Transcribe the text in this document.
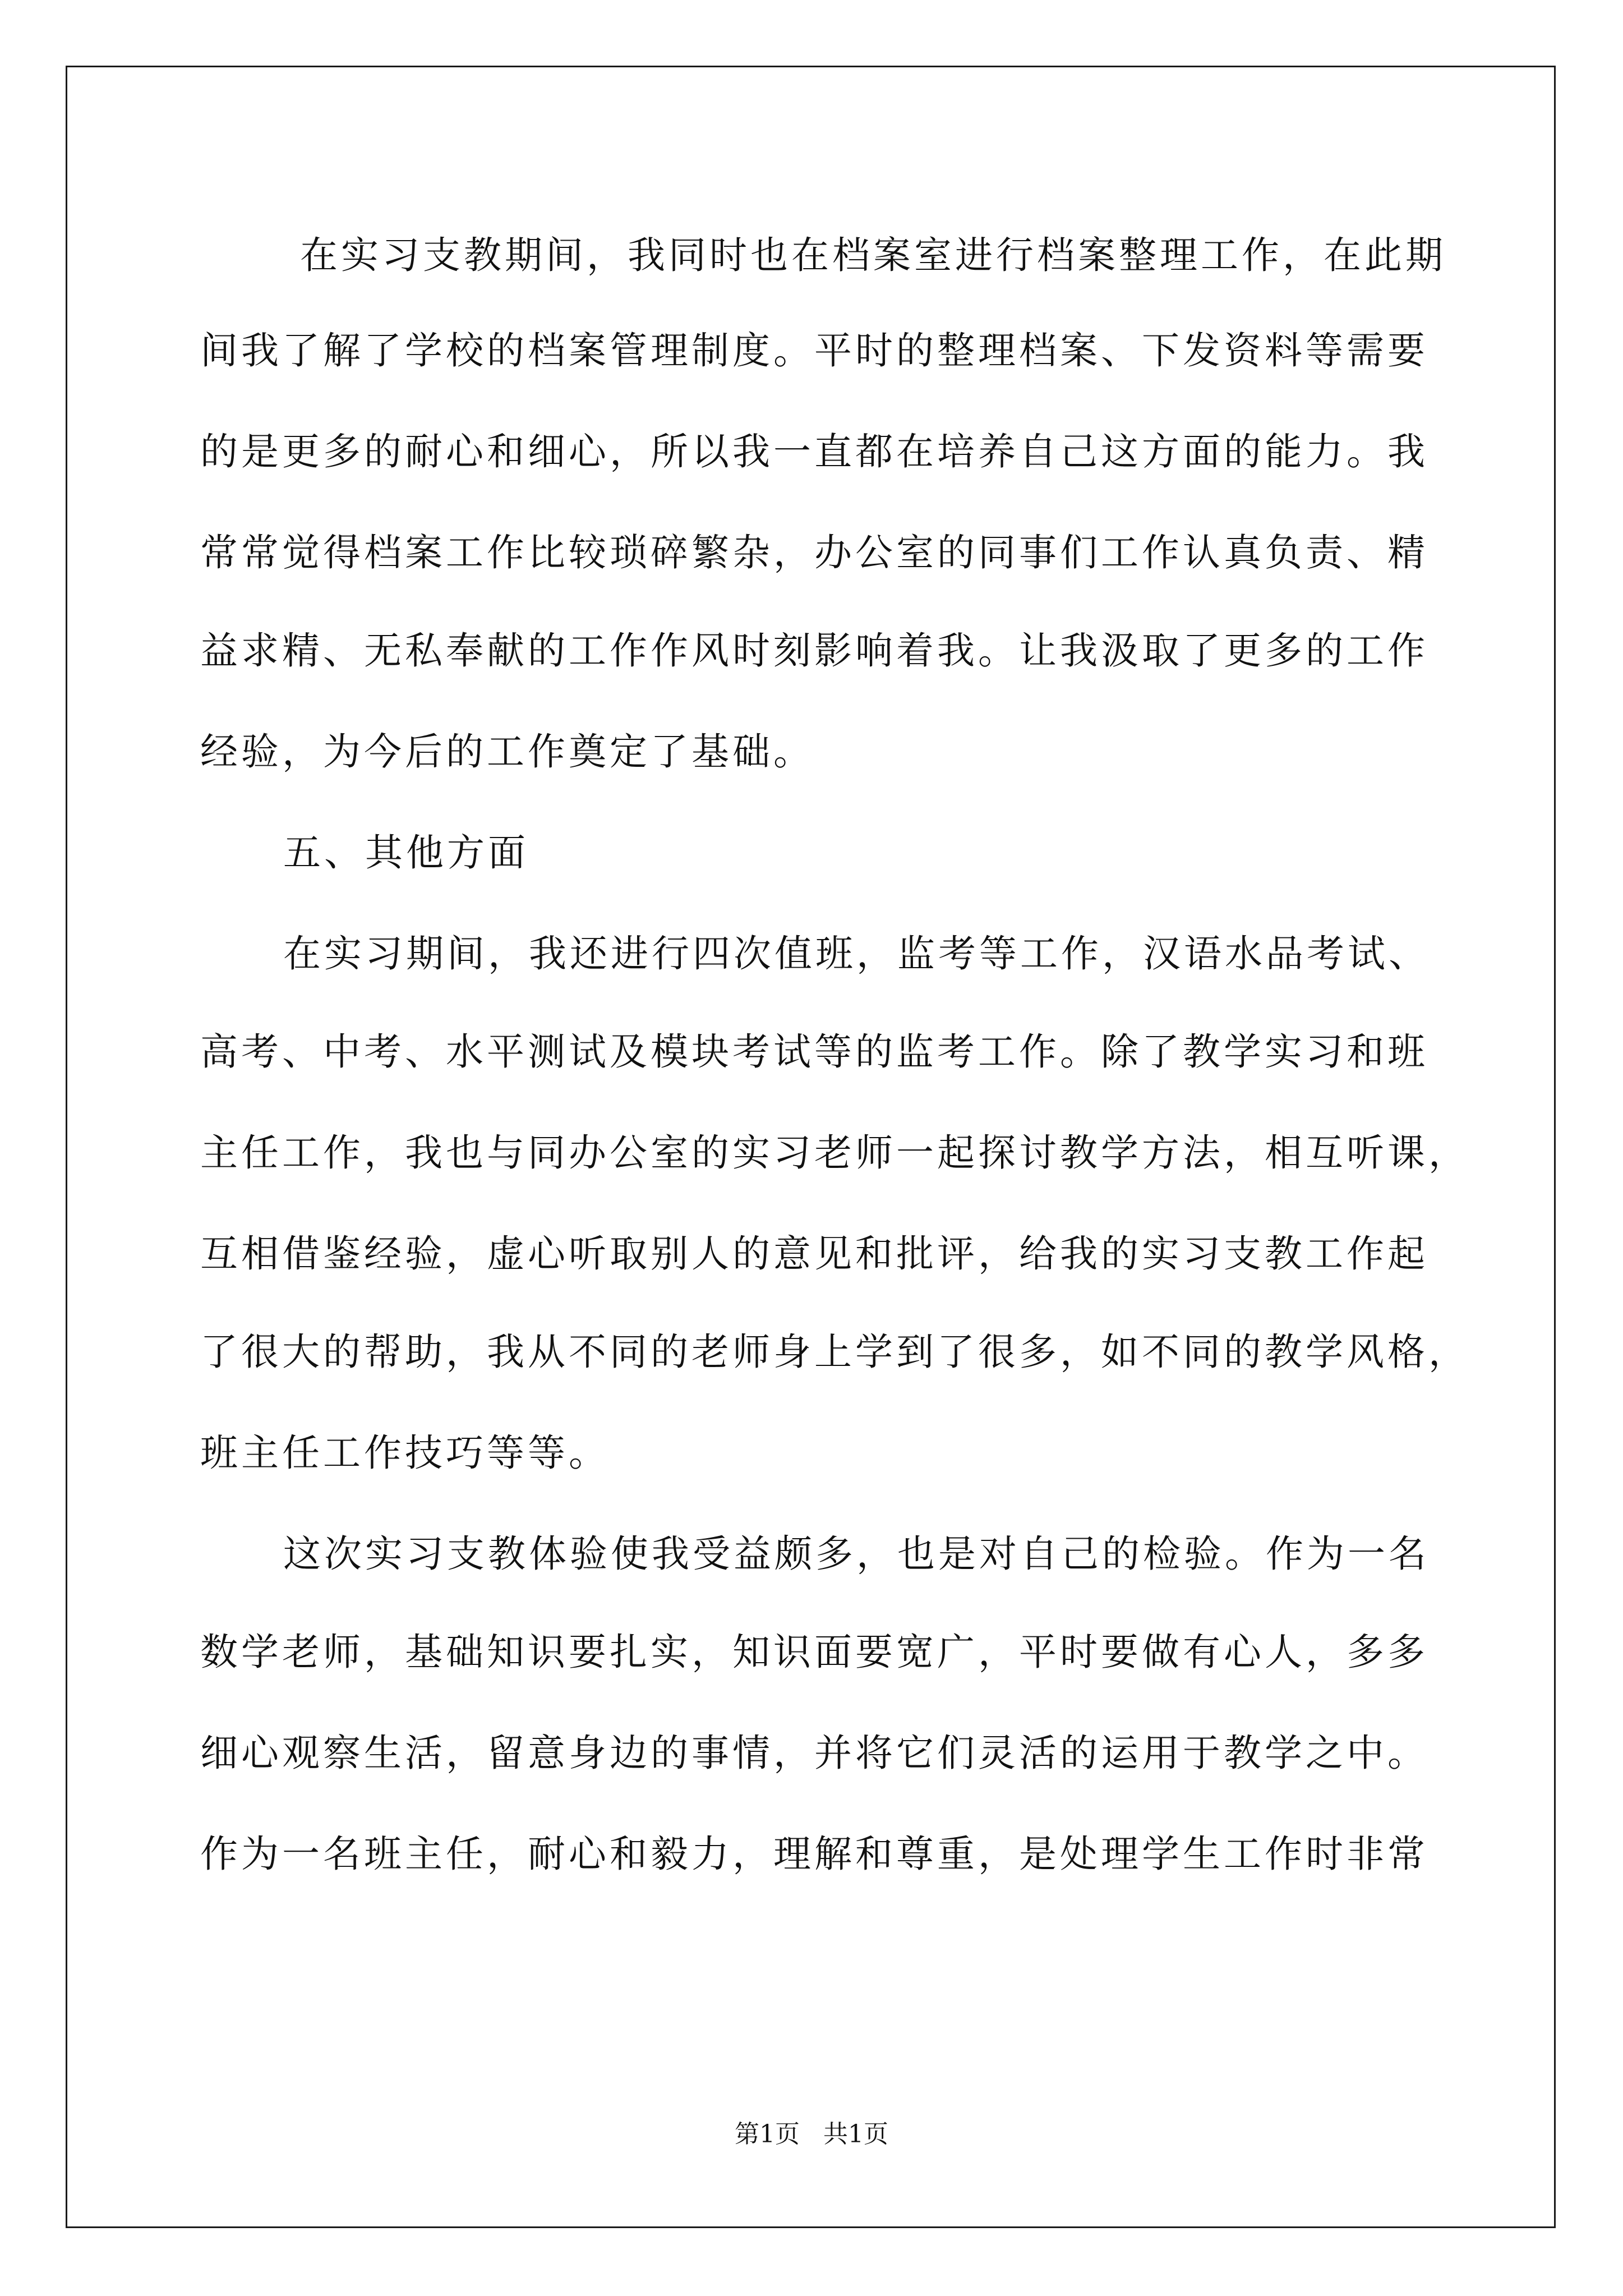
在实习支教期间，我同时也在档案室进行档案整理工作，在此期
间我了解了学校的档案管理制度。平时的整理档案、下发资料等需要
的是更多的耐心和细心，所以我一直都在培养自己这方面的能力。我
常常觉得档案工作比较琐碎繁杂，办公室的同事们工作认真负责、精
益求精、无私奉献的工作作风时刻影响着我。让我汲取了更多的工作
经验，为今后的工作奠定了基础。
五、其他方面
在实习期间，我还进行四次值班，监考等工作，汉语水品考试、
高考、中考、水平测试及模块考试等的监考工作。除了教学实习和班
主任工作，我也与同办公室的实习老师一起探讨教学方法，相互听课，
互相借鉴经验，虚心听取别人的意见和批评，给我的实习支教工作起
了很大的帮助，我从不同的老师身上学到了很多，如不同的教学风格，
班主任工作技巧等等。
这次实习支教体验使我受益颇多，也是对自己的检验。作为一名
数学老师，基础知识要扎实，知识面要宽广，平时要做有心人，多多
细心观察生活，留意身边的事情，并将它们灵活的运用于教学之中。
作为一名班主任，耐心和毅力，理解和尊重，是处理学生工作时非常
第1页   共1页
